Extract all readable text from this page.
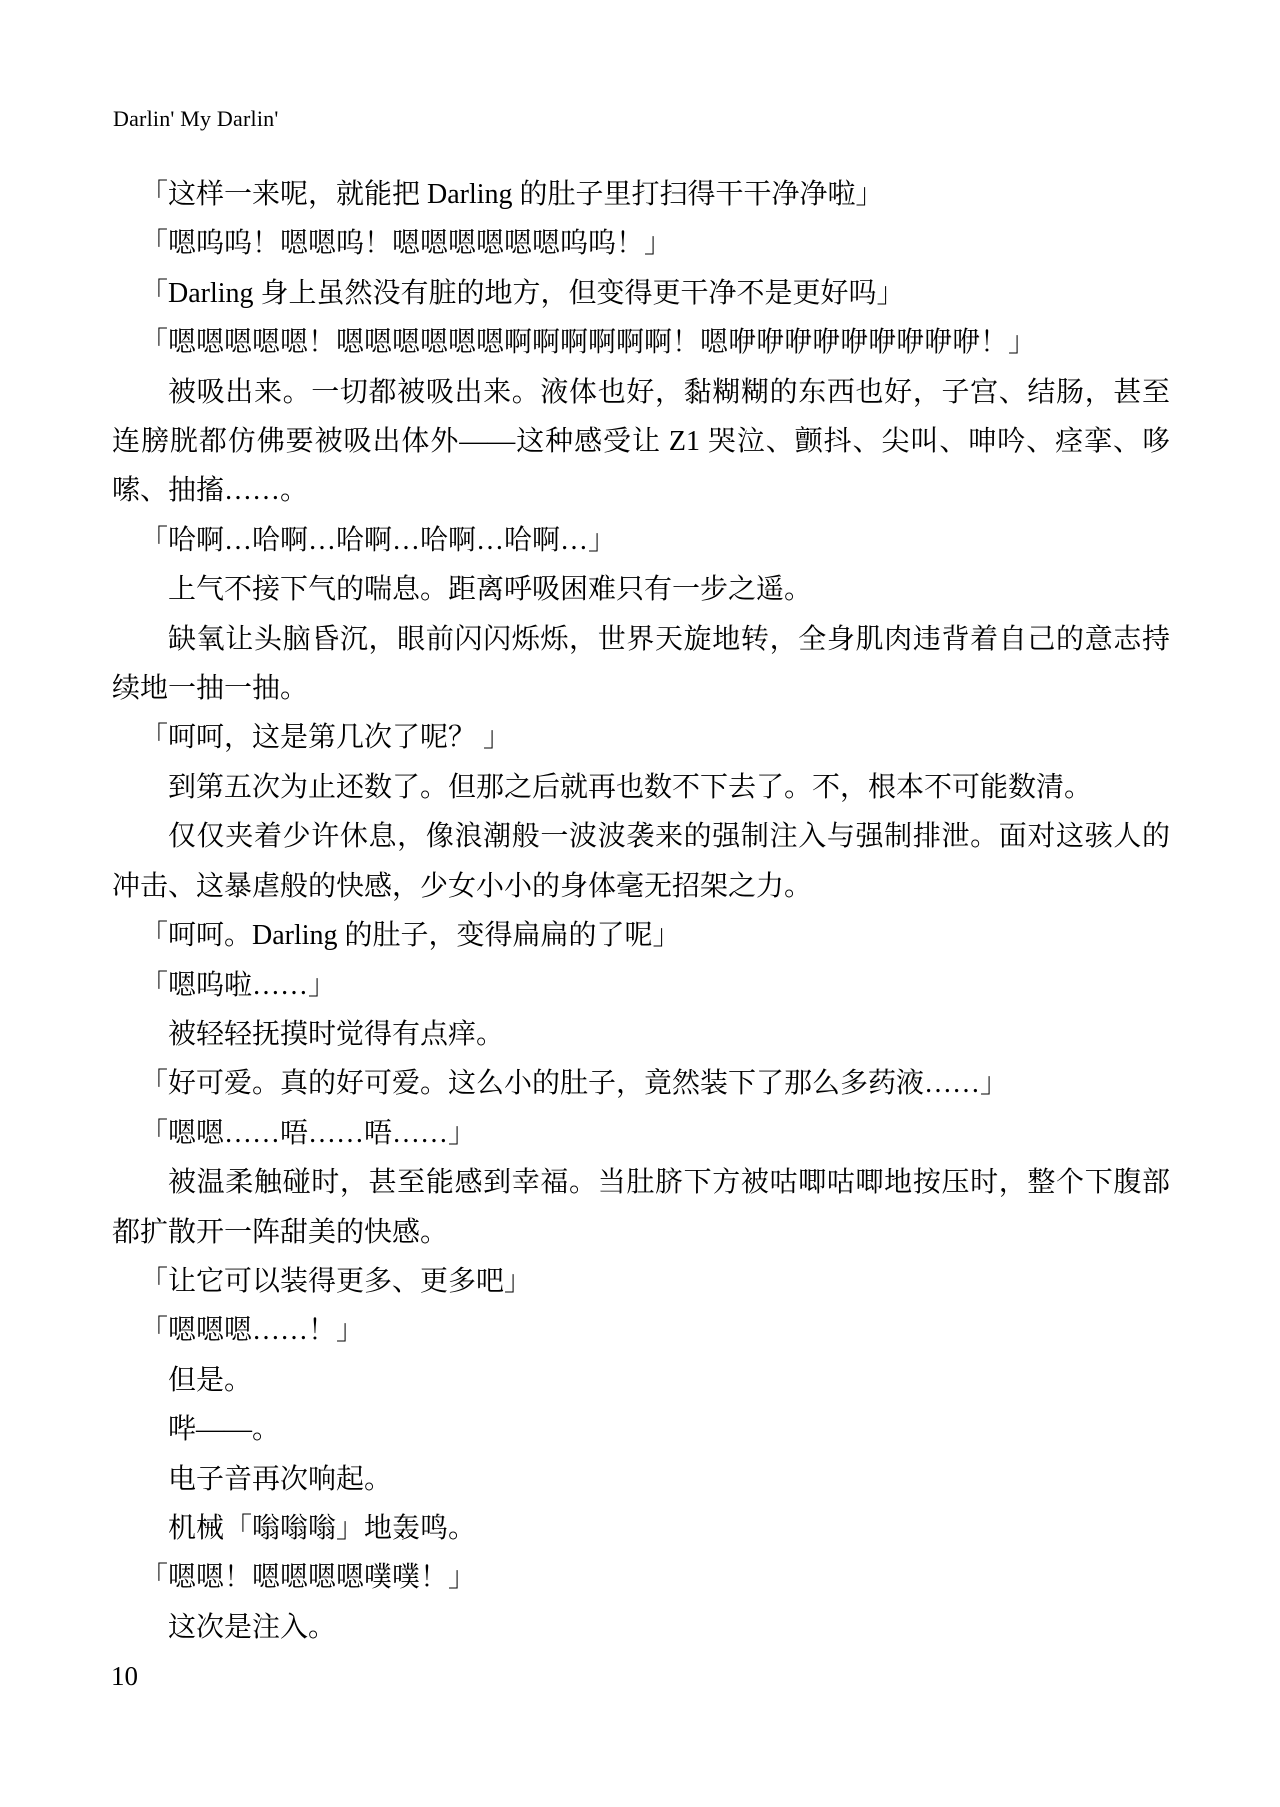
Darlin' My Darlin'

「这样一来呢，就能把 Darling 的肚子里打扫得干干净净啦」

「嗯呜呜！嗯嗯呜！嗯嗯嗯嗯嗯嗯呜呜！」

「Darling 身上虽然没有脏的地方，但变得更干净不是更好吗」

「嗯嗯嗯嗯嗯！嗯嗯嗯嗯嗯嗯啊啊啊啊啊啊！嗯咿咿咿咿咿咿咿咿咿！」

被吸出来。一切都被吸出来。液体也好，黏糊糊的东西也好，子宫、结肠，甚至

连膀胱都仿佛要被吸出体外——这种感受让 Z1 哭泣、颤抖、尖叫、呻吟、痉挛、哆

嗦、抽搐……。

「哈啊…哈啊…哈啊…哈啊…哈啊…」

上气不接下气的喘息。距离呼吸困难只有一步之遥。

缺氧让头脑昏沉，眼前闪闪烁烁，世界天旋地转，全身肌肉违背着自己的意志持

续地一抽一抽。

「呵呵，这是第几次了呢？ 」

到第五次为止还数了。但那之后就再也数不下去了。不，根本不可能数清。

仅仅夹着少许休息，像浪潮般一波波袭来的强制注入与强制排泄。面对这骇人的

冲击、这暴虐般的快感，少女小小的身体毫无招架之力。

「呵呵。Darling 的肚子，变得扁扁的了呢」

「嗯呜啦……」

被轻轻抚摸时觉得有点痒。

「好可爱。真的好可爱。这么小的肚子，竟然装下了那么多药液……」

「嗯嗯……唔……唔……」

被温柔触碰时，甚至能感到幸福。当肚脐下方被咕唧咕唧地按压时，整个下腹部

都扩散开一阵甜美的快感。

「让它可以装得更多、更多吧」

「嗯嗯嗯……！」

但是。

哔——。

电子音再次响起。

机械「嗡嗡嗡」地轰鸣。

「嗯嗯！嗯嗯嗯嗯噗噗！」

这次是注入。

10
